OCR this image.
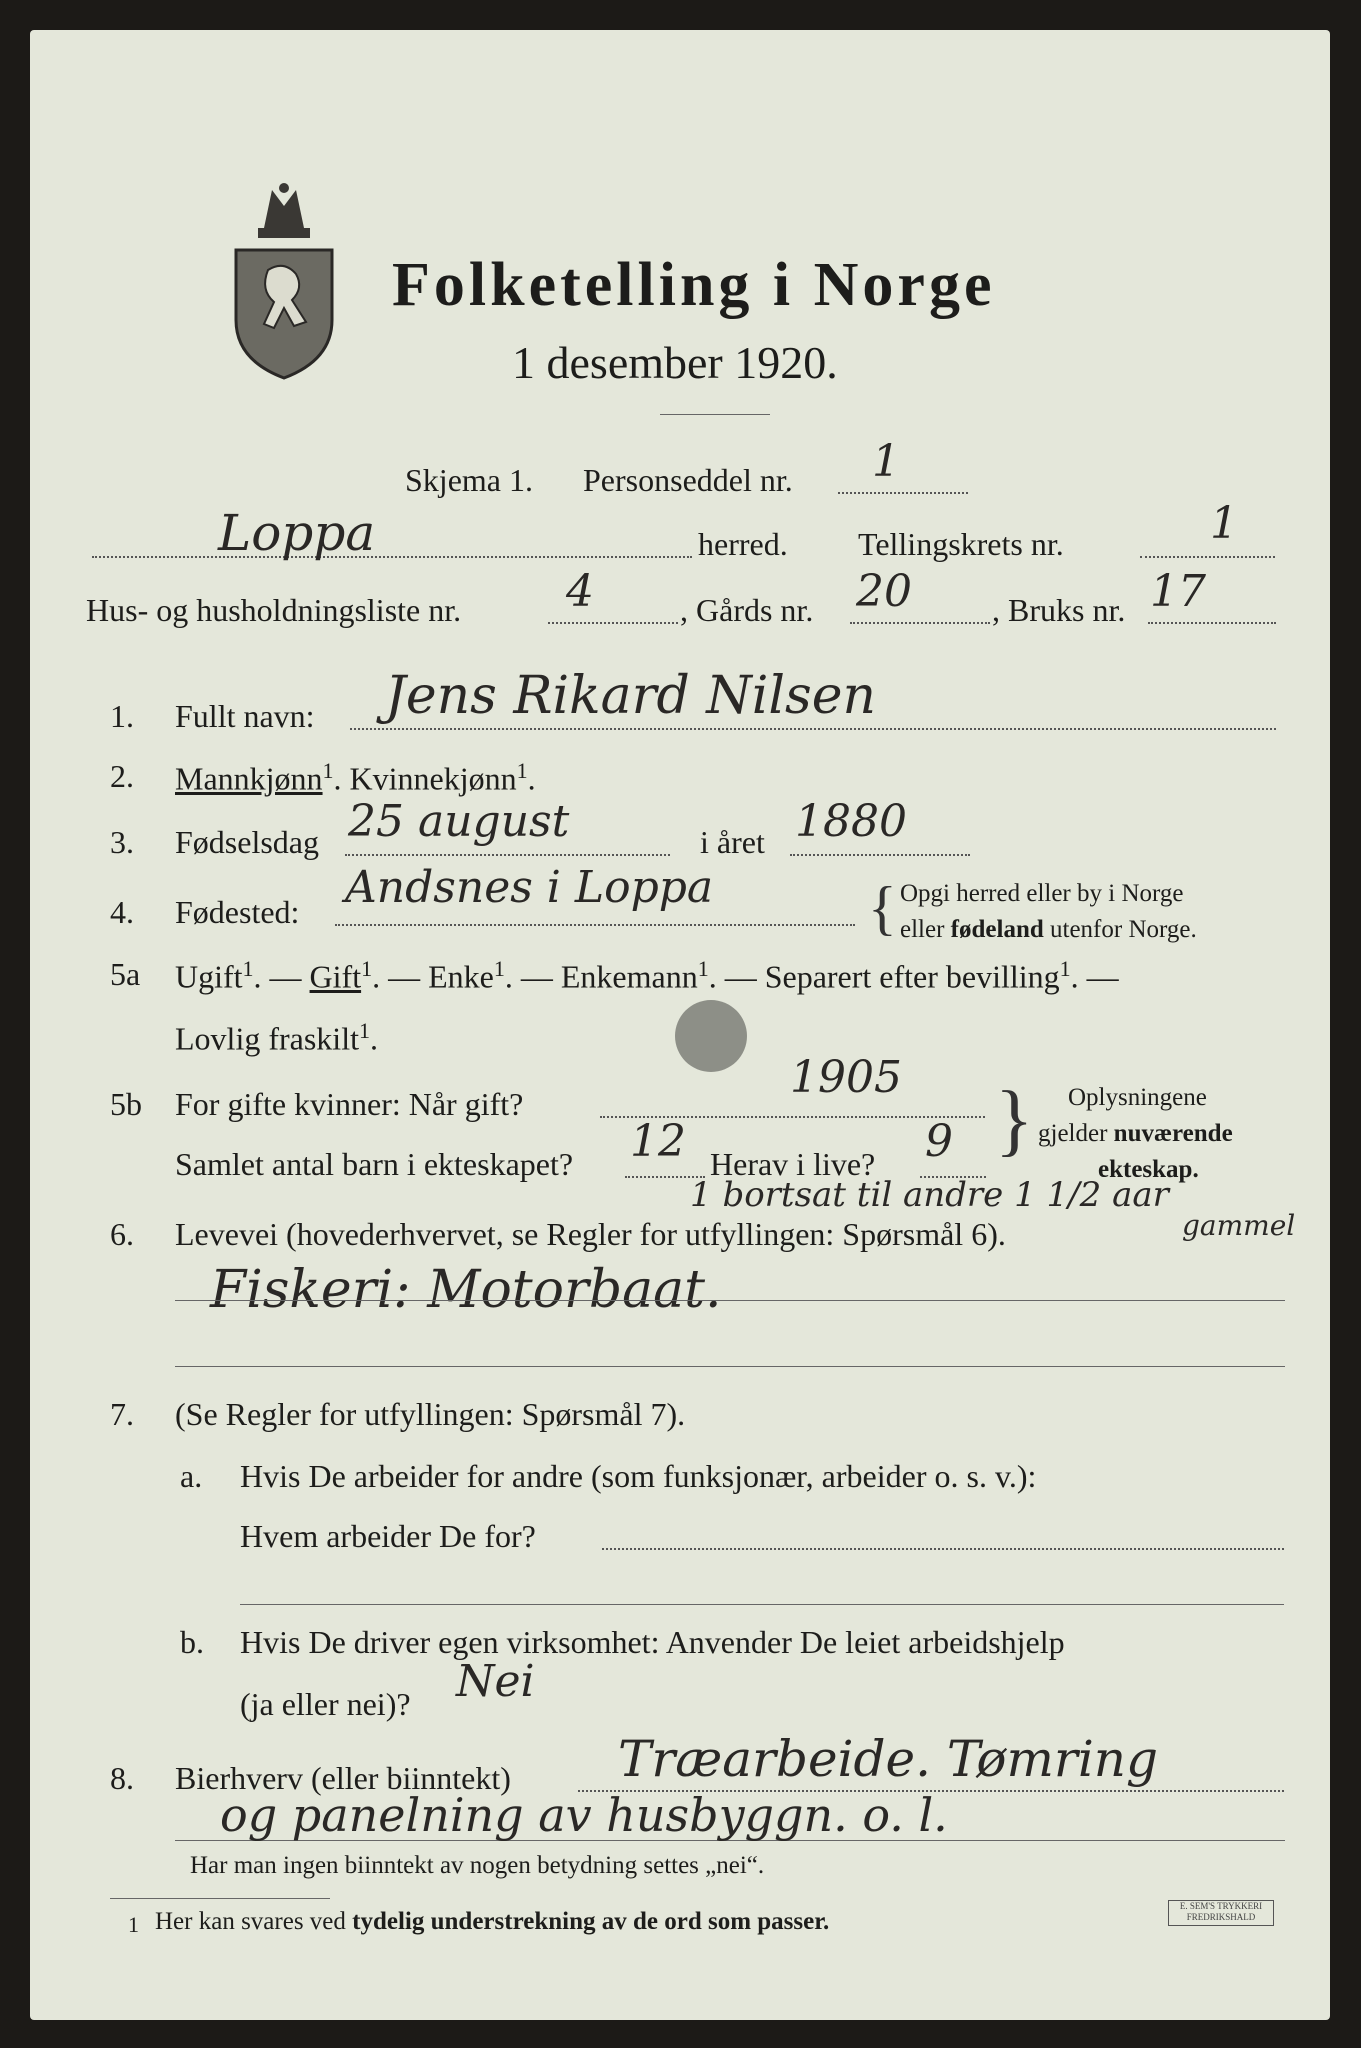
Folketelling i Norge
1 desember 1920.
Skjema 1. Personseddel nr. 1
Loppa	herred. Tellingskrets nr.	1
Hus- og husholdningsliste nr. 4	, Gårds nr. 20	, Bruks nr. 17
1. Fullt navn: Jens Rikard Nilsen
2. Mannkjønn$^1$. Kvinnekjønn$^1$.
3. Fødselsdag 25 august	i året 1880
4. Fødested: Andsnes i Loppa	{ Opgi herred eller by i Norge
eller fødeland utenfor Norge.
5a Ugift$^1$. — Gift$^1$. — Enke$^1$. — Enkemann$^1$. — Separert efter bevilling$^1$. —
Lovlig fraskilt$^1$.
5b For gifte kvinner: Når gift?
1905
Samlet antal barn i ekteskapet? 12 Herav i live? 9 } Oplysningene
gjelder nuværende
ekteskap.
1 bortsat til andre 1 1/2 aar
6. Levevei (hovederhvervet, se Regler for utfyllingen: Spørsmål 6).	gammel
Fiskeri: Motorbaat.
7. (Se Regler for utfyllingen: Spørsmål 7).
a. Hvis De arbeider for andre (som funksjonær, arbeider o. s. v.):
Hvem arbeider De for?
b. Hvis De driver egen virksomhet: Anvender De leiet arbeidshjelp
(ja eller nei)? Nei
8. Bierhverv (eller biinntekt) Træarbeide. Tømring
og panelning av husbyggn. o. l.
Har man ingen biinntekt av nogen betydning settes „nei“.
1 Her kan svares ved tydelig understrekning av de ord som passer.
E. SEM'S TRYKKERI FREDRIKSHALD
